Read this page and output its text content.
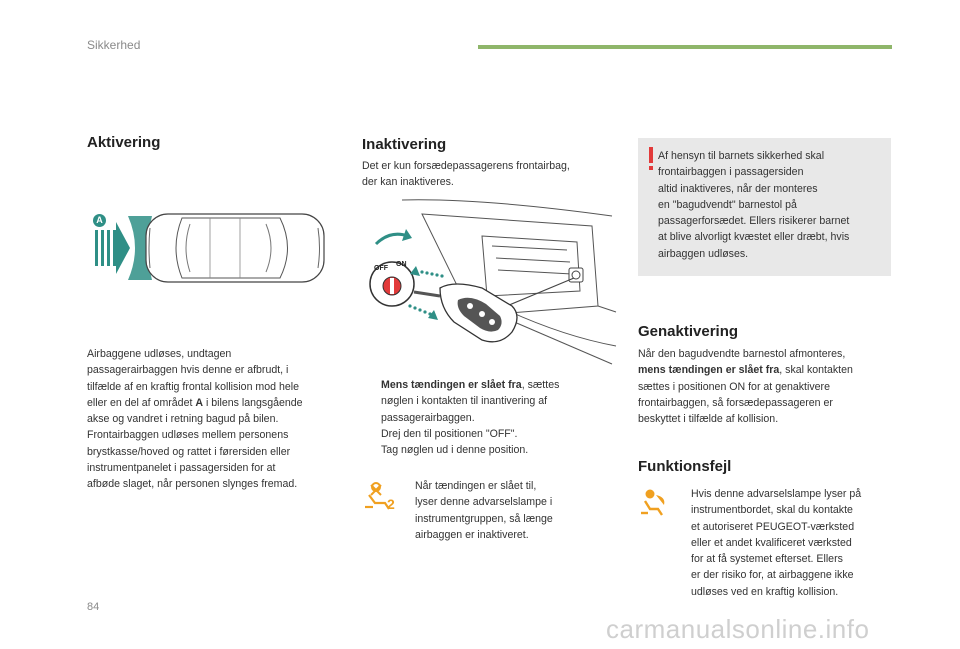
Sikkerhed
Aktivering
A
Airbaggene udløses, undtagen
passagerairbaggen hvis denne er afbrudt, i
tilfælde af en kraftig frontal kollision mod hele
eller en del af området A i bilens langsgående
akse og vandret i retning bagud på bilen.
Frontairbaggen udløses mellem personens
brystkasse/hoved og rattet i førersiden eller
instrumentpanelet i passagersiden for at
afbøde slaget, når personen slynges fremad.
Inaktivering
Det er kun forsædepassagerens frontairbag,
der kan inaktiveres.
OFF
ON
Mens tændingen er slået fra, sættes
nøglen i kontakten til inantivering af
passagerairbaggen.
Drej den til positionen "OFF".
Tag nøglen ud i denne position.
2
Når tændingen er slået til,
lyser denne advarselslampe i
instrumentgruppen, så længe
airbaggen er inaktiveret.
Af hensyn til barnets sikkerhed skal
frontairbaggen i passagersiden
altid inaktiveres, når der monteres
en "bagudvendt" barnestol på
passagerforsædet. Ellers risikerer barnet
at blive alvorligt kvæstet eller dræbt, hvis
airbaggen udløses.
Genaktivering
Når den bagudvendte barnestol afmonteres,
mens tændingen er slået fra, skal kontakten
sættes i positionen ON for at genaktivere
frontairbaggen, så forsædepassageren er
beskyttet i tilfælde af kollision.
Funktionsfejl
Hvis denne advarselslampe lyser på
instrumentbordet, skal du kontakte
et autoriseret PEUGEOT-værksted
eller et andet kvalificeret værksted
for at få systemet efterset. Ellers
er der risiko for, at airbaggene ikke
udløses ved en kraftig kollision.
84
carmanualsonline.info
